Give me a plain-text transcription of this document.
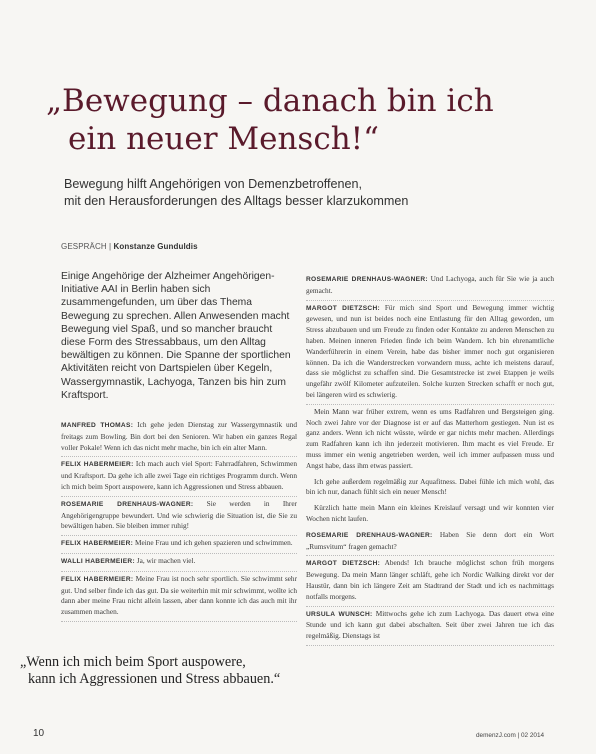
„Bewegung – danach bin ich
ein neuer Mensch!“
Bewegung hilft Angehörigen von Demenzbetroffenen,
mit den Herausforderungen des Alltags besser klarzukommen
GESPRÄCH | Konstanze Gunduldis

Einige Angehörige der Alzheimer Angehörigen-Initiative AAI in Berlin haben sich zusammengefunden, um über das Thema Bewegung zu sprechen. Allen Anwesenden macht Bewegung viel Spaß, und so mancher braucht diese Form des Stressabbaus, um den Alltag bewältigen zu können. Die Spanne der sportlichen Aktivitäten reicht von Dartspielen über Kegeln, Wassergymnastik, Lachyoga, Tanzen bis hin zum Kraftsport.

MANFRED THOMAS: Ich gehe jeden Dienstag zur Wassergymnastik und freitags zum Bowling. Bin dort bei den Senioren. Wir haben ein ganzes Regal voller Pokale! Wenn ich das nicht mehr mache, bin ich ein alter Mann.

FELIX HABERMEIER: Ich mach auch viel Sport: Fahrradfahren, Schwimmen und Kraftsport. Da gehe ich alle zwei Tage ein richtiges Programm durch. Wenn ich mich beim Sport auspowere, kann ich Aggressionen und Stress abbauen.

ROSEMARIE DRENHAUS-WAGNER: Sie werden in Ihrer Angehörigengruppe bewundert. Und wie schwierig die Situation ist, die Sie zu bewältigen haben. Sie bleiben immer ruhig!

FELIX HABERMEIER: Meine Frau und ich gehen spazieren und schwimmen.

WALLI HABERMEIER: Ja, wir machen viel.

FELIX HABERMEIER: Meine Frau ist noch sehr sportlich. Sie schwimmt sehr gut. Und selber finde ich das gut. Da sie weiterhin mit mir schwimmt, wollte ich dann aber meine Frau nicht allein lassen, aber dann konnte ich das auch mit ihr zusammen machen.

ROSEMARIE DRENHAUS-WAGNER: Und Lachyoga, auch für Sie wie ja auch gemacht.

MARGOT DIETZSCH: Für mich sind Sport und Bewegung immer wichtig gewesen, und nun ist beides noch eine Entlastung für den Alltag geworden, um Stress abzubauen und um Freude zu finden oder Kontakte zu anderen Menschen zu haben. Meinen inneren Frieden finde ich beim Wandern. Ich bin ehrenamtliche Wanderführerin in einem Verein, habe das bisher immer noch gut organisieren können. Da ich die Wanderstrecken vorwandern muss, achte ich meistens darauf, dass sie möglichst zu schaffen sind. Die Gesamtstrecke ist zwei Etappen je weils ungefähr zwölf Kilometer aufzuteilen. Solche kurzen Strecken schafft er noch gut, bei längeren wird es schwierig.

Mein Mann war früher extrem, wenn es ums Radfahren und Bergsteigen ging. Noch zwei Jahre vor der Diagnose ist er auf das Matterhorn gestiegen. Nun ist es ganz anders. Wenn ich nicht wüsste, würde er gar nichts mehr machen. Allerdings zum Radfahren kann ich ihn jederzeit motivieren. Ihm macht es viel Freude. Er muss immer ein wenig angetrieben werden, weil ich immer aufpassen muss und Angst habe, dass ihm etwas passiert.

Ich gehe außerdem regelmäßig zur Aquafitness. Dabei fühle ich mich wohl, das bin ich nur, danach fühlt sich ein neuer Mensch!

Kürzlich hatte mein Mann ein kleines Kreislauf versagt und wir konnten vier Wochen nicht laufen.

ROSEMARIE DRENHAUS-WAGNER: Haben Sie denn dort ein Wort „Rumsvitum“ fragen gemacht?

MARGOT DIETZSCH: Abends! Ich brauche möglichst schon früh morgens Bewegung. Da mein Mann länger schläft, gehe ich Nordic Walking direkt vor der Haustür, dann bin ich längere Zeit am Stadtrand der Stadt und ich es nachmittags notfalls morgens.

URSULA WUNSCH: Mittwochs gehe ich zum Lachyoga. Das dauert etwa eine Stunde und ich kann gut dabei abschalten. Seit über zwei Jahren tue ich das regelmäßig. Dienstags ist

„Wenn ich mich beim Sport auspowere,
kann ich Aggressionen und Stress abbauen.“
10	demenzJ.com | 02 2014
